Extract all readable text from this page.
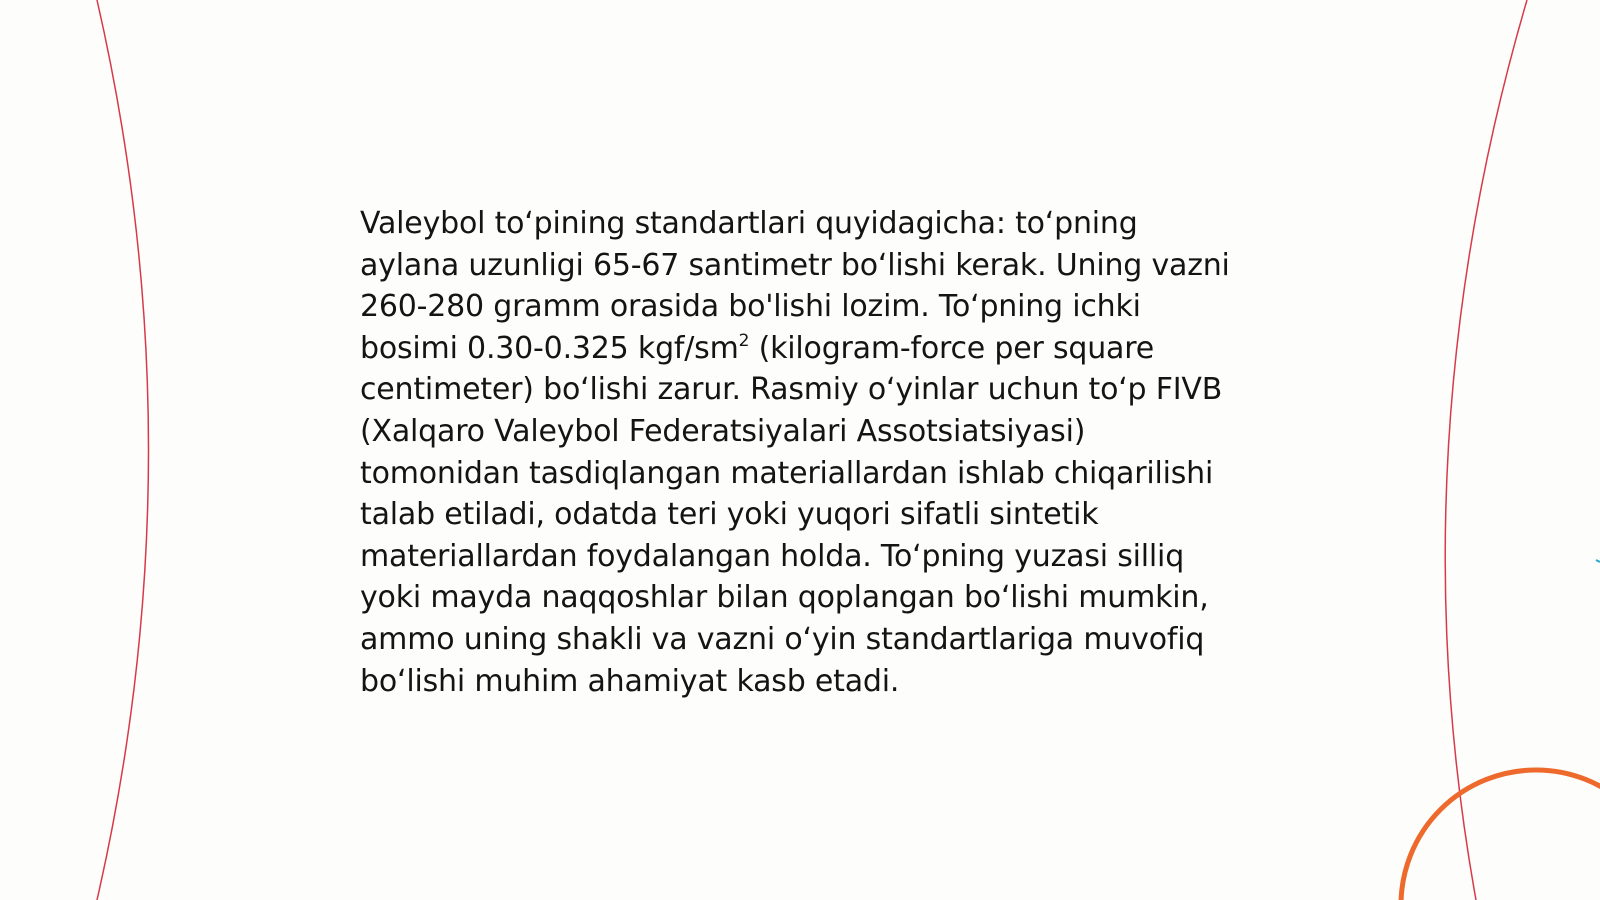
Valeybol to‘pining standartlari quyidagicha: to‘pning aylana uzunligi 65-67 santimetr bo‘lishi kerak. Uning vazni 260-280 gramm orasida bo'lishi lozim. To‘pning ichki bosimi 0.30-0.325 kgf/$sm^2$ (kilogram-force per square centimeter) bo‘lishi zarur. Rasmiy o‘yinlar uchun to‘p FIVB (Xalqaro Valeybol Federatsiyalari Assotsiatsiyasi) tomonidan tasdiqlangan materiallardan ishlab chiqarilishi talab etiladi, odatda teri yoki yuqori sifatli sintetik materiallardan foydalangan holda. To‘pning yuzasi silliq yoki mayda naqqoshlar bilan qoplangan bo‘lishi mumkin, ammo uning shakli va vazni o‘yin standartlariga muvofiq bo‘lishi muhim ahamiyat kasb etadi.
